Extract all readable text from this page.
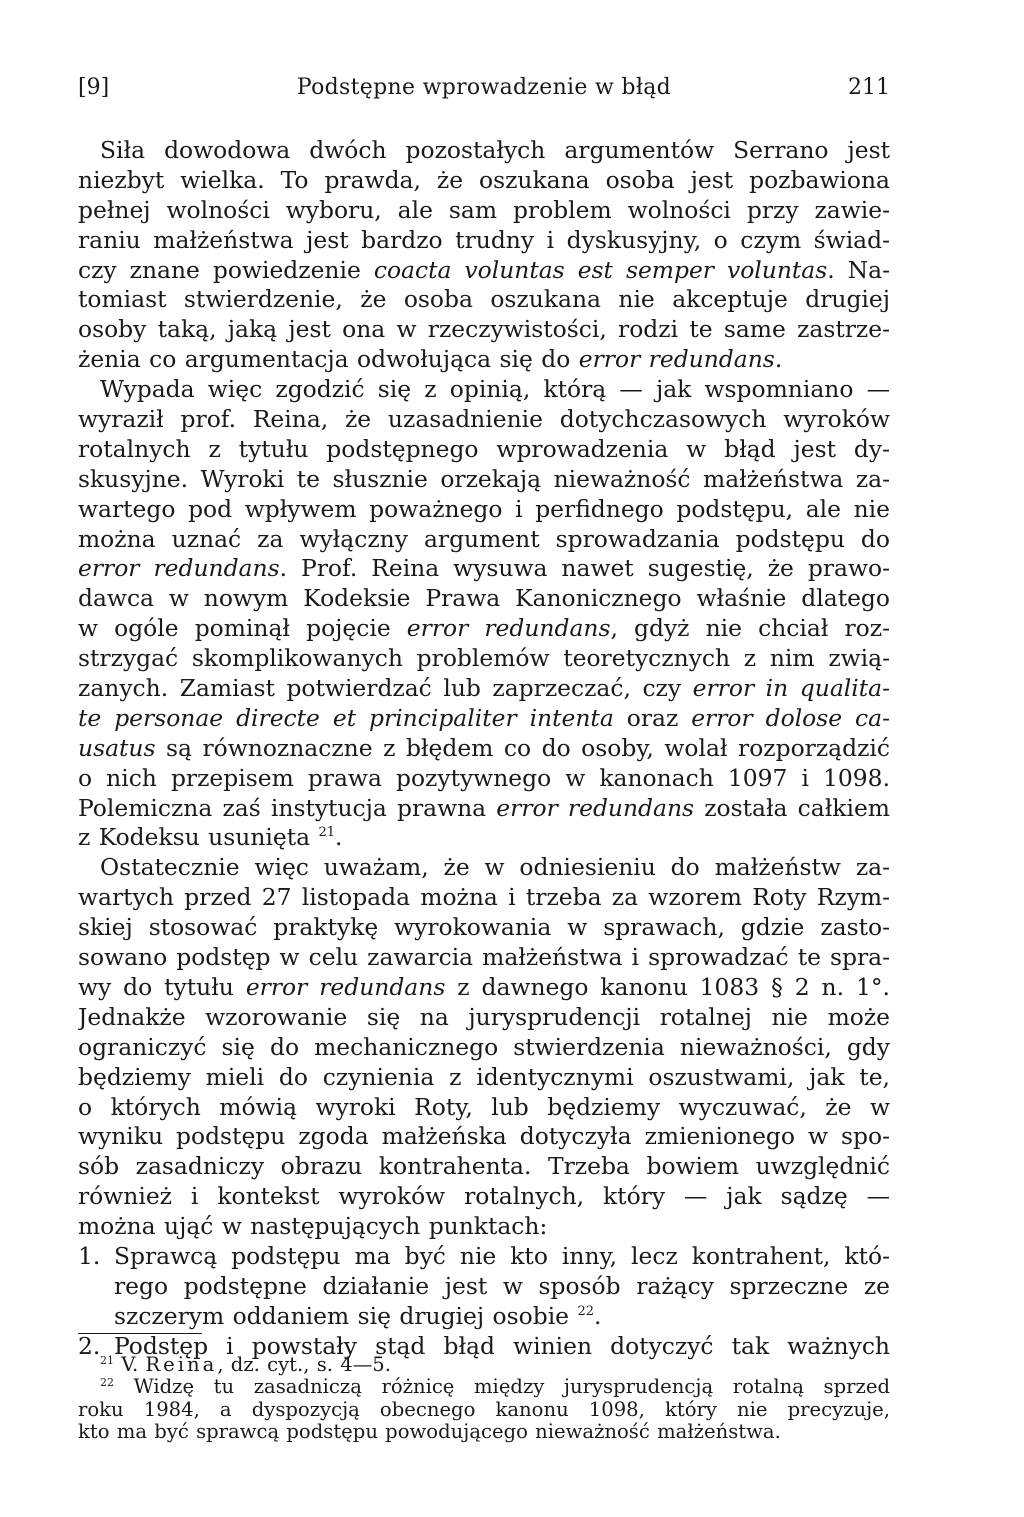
[9]	Podstępne wprowadzenie w błąd	211
Siła dowodowa dwóch pozostałych argumentów Serrano jest
niezbyt wielka. To prawda, że oszukana osoba jest pozbawiona
pełnej wolności wyboru, ale sam problem wolności przy zawie-
raniu małżeństwa jest bardzo trudny i dyskusyjny, o czym świad-
czy znane powiedzenie coacta voluntas est semper voluntas. Na-
tomiast stwierdzenie, że osoba oszukana nie akceptuje drugiej
osoby taką, jaką jest ona w rzeczywistości, rodzi te same zastrze-
żenia co argumentacja odwołująca się do error redundans.
Wypada więc zgodzić się z opinią, którą — jak wspomniano —
wyraził prof. Reina, że uzasadnienie dotychczasowych wyroków
rotalnych z tytułu podstępnego wprowadzenia w błąd jest dy-
skusyjne. Wyroki te słusznie orzekają nieważność małżeństwa za-
wartego pod wpływem poważnego i perfidnego podstępu, ale nie
można uznać za wyłączny argument sprowadzania podstępu do
error redundans. Prof. Reina wysuwa nawet sugestię, że prawo-
dawca w nowym Kodeksie Prawa Kanonicznego właśnie dlatego
w ogóle pominął pojęcie error redundans, gdyż nie chciał roz-
strzygać skomplikowanych problemów teoretycznych z nim zwią-
zanych. Zamiast potwierdzać lub zaprzeczać, czy error in qualita-
te personae directe et principaliter intenta oraz error dolose ca-
usatus są równoznaczne z błędem co do osoby, wolał rozporządzić
o nich przepisem prawa pozytywnego w kanonach 1097 i 1098.
Polemiczna zaś instytucja prawna error redundans została całkiem
z Kodeksu usunięta $^{21}$.
Ostatecznie więc uważam, że w odniesieniu do małżeństw za-
wartych przed 27 listopada można i trzeba za wzorem Roty Rzym-
skiej stosować praktykę wyrokowania w sprawach, gdzie zasto-
sowano podstęp w celu zawarcia małżeństwa i sprowadzać te spra-
wy do tytułu error redundans z dawnego kanonu 1083 § 2 n. 1°.
Jednakże wzorowanie się na jurysprudencji rotalnej nie może
ograniczyć się do mechanicznego stwierdzenia nieważności, gdy
będziemy mieli do czynienia z identycznymi oszustwami, jak te,
o których mówią wyroki Roty, lub będziemy wyczuwać, że w
wyniku podstępu zgoda małżeńska dotyczyła zmienionego w spo-
sób zasadniczy obrazu kontrahenta. Trzeba bowiem uwzględnić
również i kontekst wyroków rotalnych, który — jak sądzę —
można ująć w następujących punktach:
1. Sprawcą podstępu ma być nie kto inny, lecz kontrahent, któ-
rego podstępne działanie jest w sposób rażący sprzeczne ze
szczerym oddaniem się drugiej osobie $^{22}$.
2. Podstęp i powstały stąd błąd winien dotyczyć tak ważnych
$^{21}$ V. Reina, dz. cyt., s. 4—5.
$^{22}$ Widzę tu zasadniczą różnicę między jurysprudencją rotalną sprzed
roku 1984, a dyspozycją obecnego kanonu 1098, który nie precyzuje,
kto ma być sprawcą podstępu powodującego nieważność małżeństwa.
